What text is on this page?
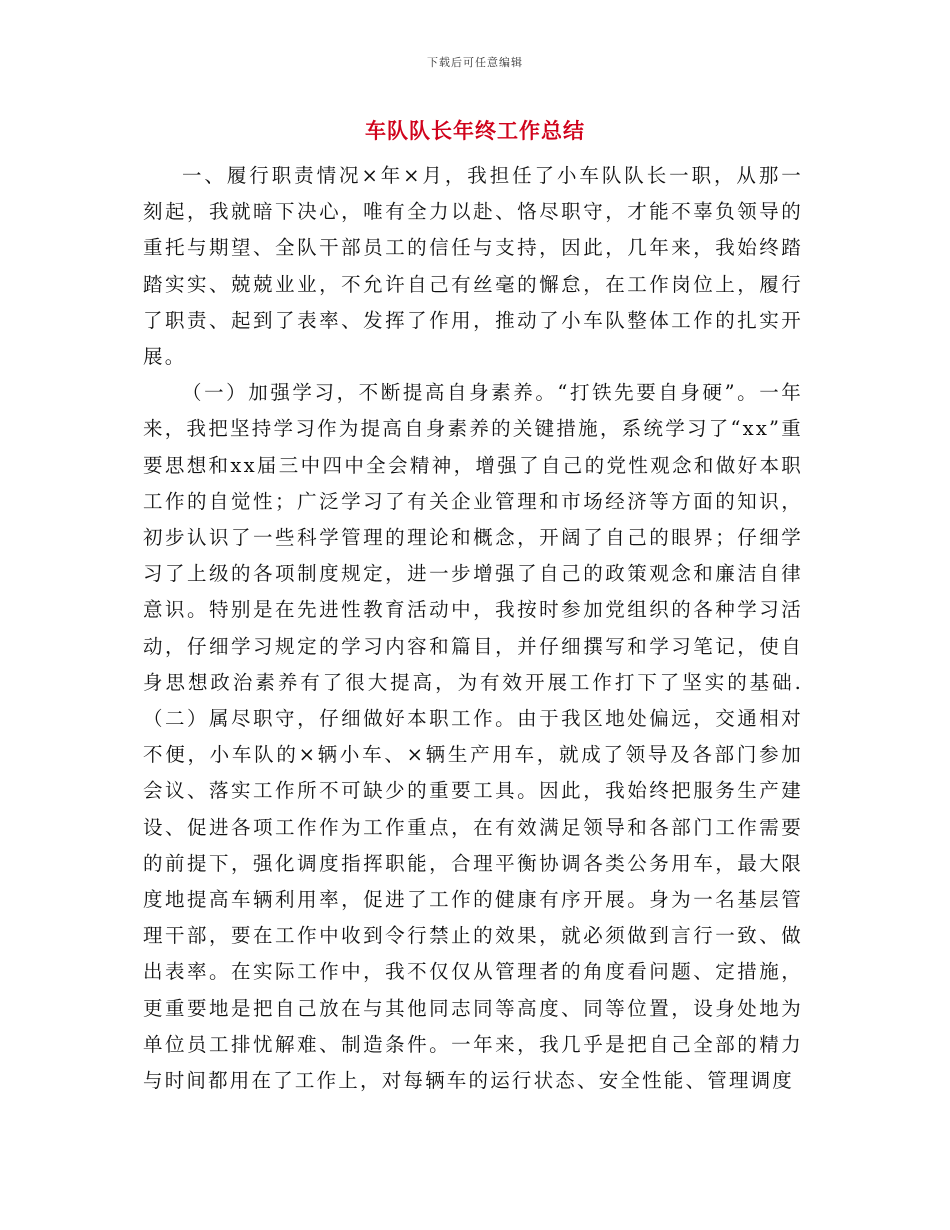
下载后可任意编辑
车队队长年终工作总结

一、履行职责情况×年×月，我担任了小车队队长一职，从那一刻起，我就暗下决心，唯有全力以赴、恪尽职守，才能不辜负领导的重托与期望、全队干部员工的信任与支持，因此，几年来，我始终踏踏实实、兢兢业业，不允许自己有丝毫的懈怠，在工作岗位上，履行了职责、起到了表率、发挥了作用，推动了小车队整体工作的扎实开展。

（一）加强学习，不断提高自身素养。“打铁先要自身硬”。一年来，我把坚持学习作为提高自身素养的关键措施，系统学习了“xx”重要思想和xx届三中四中全会精神，增强了自己的党性观念和做好本职工作的自觉性；广泛学习了有关企业管理和市场经济等方面的知识，初步认识了一些科学管理的理论和概念，开阔了自己的眼界；仔细学习了上级的各项制度规定，进一步增强了自己的政策观念和廉洁自律意识。特别是在先进性教育活动中，我按时参加党组织的各种学习活动，仔细学习规定的学习内容和篇目，并仔细撰写和学习笔记，使自身思想政治素养有了很大提高，为有效开展工作打下了坚实的基础.（二）属尽职守，仔细做好本职工作。由于我区地处偏远，交通相对不便，小车队的×辆小车、×辆生产用车，就成了领导及各部门参加会议、落实工作所不可缺少的重要工具。因此，我始终把服务生产建设、促进各项工作作为工作重点，在有效满足领导和各部门工作需要的前提下，强化调度指挥职能，合理平衡协调各类公务用车，最大限度地提高车辆利用率，促进了工作的健康有序开展。身为一名基层管理干部，要在工作中收到令行禁止的效果，就必须做到言行一致、做出表率。在实际工作中，我不仅仅从管理者的角度看问题、定措施，更重要地是把自己放在与其他同志同等高度、同等位置，设身处地为单位员工排忧解难、制造条件。一年来，我几乎是把自己全部的精力与时间都用在了工作上，对每辆车的运行状态、安全性能、管理调度
